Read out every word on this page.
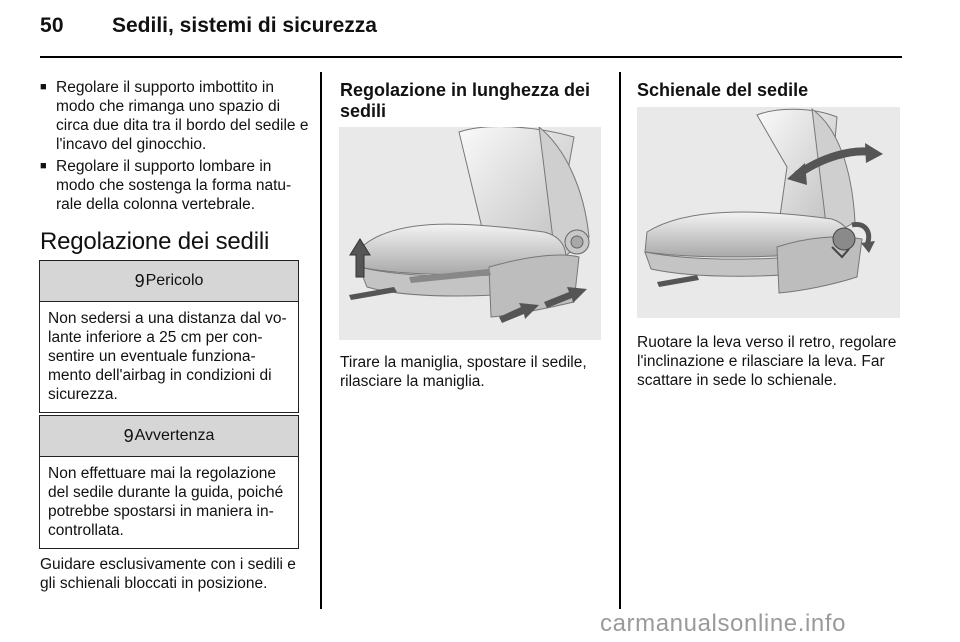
50 Sedili, sistemi di sicurezza
■ Regolare il supporto imbottito in modo che rimanga uno spazio di circa due dita tra il bordo del sedile e l'incavo del ginocchio.
■ Regolare il supporto lombare in modo che sostenga la forma natu-rale della colonna vertebrale.
Regolazione dei sedili
9 Pericolo
Non sedersi a una distanza dal vo-lante inferiore a 25 cm per con-sentire un eventuale funziona-mento dell'airbag in condizioni di sicurezza.
9 Avvertenza
Non effettuare mai la regolazione del sedile durante la guida, poiché potrebbe spostarsi in maniera in-controllata.

Guidare esclusivamente con i sedili e gli schienali bloccati in posizione.

Regolazione in lunghezza dei sedili

Tirare la maniglia, spostare il sedile, rilasciare la maniglia.

Schienale del sedile

Ruotare la leva verso il retro, regolare l'inclinazione e rilasciare la leva. Far scattare in sede lo schienale.

carmanualsonline.info
